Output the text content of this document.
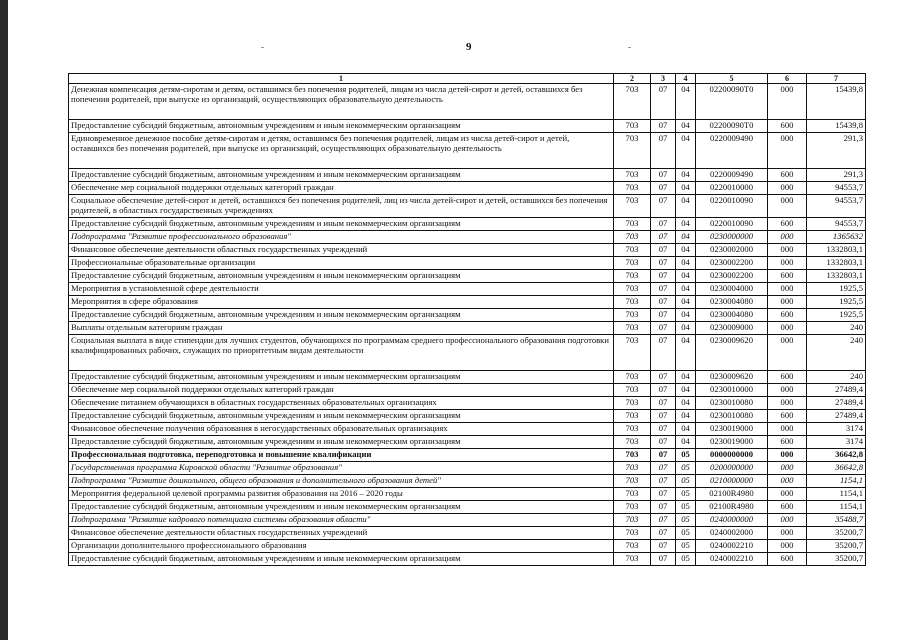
9
1	2	3	4	5	6	7
Денежная компенсация детям-сиротам и детям, оставшимся без попечения родителей, лицам из числа детей-сирот и детей, оставшихся без попечения родителей, при выпуске из организаций, осуществляющих образовательную деятельность	703	07	04	02200090Т0	000	15439,8
Предоставление субсидий бюджетным, автономным учреждениям и иным некоммерческим организациям	703	07	04	02200090Т0	600	15439,8
Единовременное денежное пособие детям-сиротам и детям, оставшимся без попечения родителей, лицам из числа детей-сирот и детей, оставшихся без попечения родителей, при выпуске из организаций, осуществляющих образовательную деятельность	703	07	04	0220009490	000	291,3
Предоставление субсидий бюджетным, автономным учреждениям и иным некоммерческим организациям	703	07	04	0220009490	600	291,3
Обеспечение мер социальной поддержки отдельных категорий граждан	703	07	04	0220010000	000	94553,7
Социальное обеспечение детей-сирот и детей, оставшихся без попечения родителей, лиц из числа детей-сирот и детей, оставшихся без попечения родителей, в областных государственных учреждениях	703	07	04	0220010090	000	94553,7
Предоставление субсидий бюджетным, автономным учреждениям и иным некоммерческим организациям	703	07	04	0220010090	600	94553,7
Подпрограмма "Развитие профессионального образования"	703	07	04	0230000000	000	1365632
Финансовое обеспечение деятельности областных государственных учреждений	703	07	04	0230002000	000	1332803,1
Профессиональные образовательные организации	703	07	04	0230002200	000	1332803,1
Предоставление субсидий бюджетным, автономным учреждениям и иным некоммерческим организациям	703	07	04	0230002200	600	1332803,1
Мероприятия в установленной сфере деятельности	703	07	04	0230004000	000	1925,5
Мероприятия в сфере образования	703	07	04	0230004080	000	1925,5
Предоставление субсидий бюджетным, автономным учреждениям и иным некоммерческим организациям	703	07	04	0230004080	600	1925,5
Выплаты отдельным категориям граждан	703	07	04	0230009000	000	240
Социальная выплата в виде стипендии для лучших студентов, обучающихся по программам среднего профессионального образования подготовки квалифицированных рабочих, служащих по приоритетным видам деятельности	703	07	04	0230009620	000	240
Предоставление субсидий бюджетным, автономным учреждениям и иным некоммерческим организациям	703	07	04	0230009620	600	240
Обеспечение мер социальной поддержки отдельных категорий граждан	703	07	04	0230010000	000	27489,4
Обеспечение питанием обучающихся в областных государственных образовательных организациях	703	07	04	0230010080	000	27489,4
Предоставление субсидий бюджетным, автономным учреждениям и иным некоммерческим организациям	703	07	04	0230010080	600	27489,4
Финансовое обеспечение получения образования в негосударственных образовательных организациях	703	07	04	0230019000	000	3174
Предоставление субсидий бюджетным, автономным учреждениям и иным некоммерческим организациям	703	07	04	0230019000	600	3174
Профессиональная подготовка, переподготовка и повышение квалификации	703	07	05	0000000000	000	36642,8
Государственная программа Кировской области "Развитие образования"	703	07	05	0200000000	000	36642,8
Подпрограмма "Развитие дошкольного, общего образования и дополнительного образования детей"	703	07	05	0210000000	000	1154,1
Мероприятия федеральной целевой программы развития образования на 2016 – 2020 годы	703	07	05	02100R4980	000	1154,1
Предоставление субсидий бюджетным, автономным учреждениям и иным некоммерческим организациям	703	07	05	02100R4980	600	1154,1
Подпрограмма "Развитие кадрового потенциала системы образования области"	703	07	05	0240000000	000	35488,7
Финансовое обеспечение деятельности областных государственных учреждений	703	07	05	0240002000	000	35200,7
Организации дополнительного профессионального образования	703	07	05	0240002210	000	35200,7
Предоставление субсидий бюджетным, автономным учреждениям и иным некоммерческим организациям	703	07	05	0240002210	600	35200,7
